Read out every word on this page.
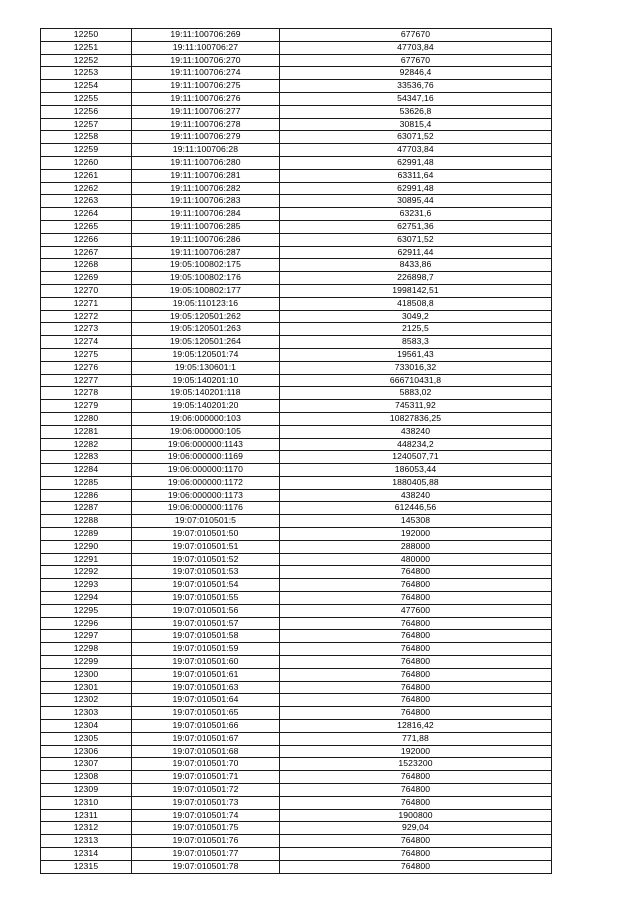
12250	19:11:100706:269	677670
12251	19:11:100706:27	47703,84
12252	19:11:100706:270	677670
12253	19:11:100706:274	92846,4
12254	19:11:100706:275	33536,76
12255	19:11:100706:276	54347,16
12256	19:11:100706:277	53626,8
12257	19:11:100706:278	30815,4
12258	19:11:100706:279	63071,52
12259	19:11:100706:28	47703,84
12260	19:11:100706:280	62991,48
12261	19:11:100706:281	63311,64
12262	19:11:100706:282	62991,48
12263	19:11:100706:283	30895,44
12264	19:11:100706:284	63231,6
12265	19:11:100706:285	62751,36
12266	19:11:100706:286	63071,52
12267	19:11:100706:287	62911,44
12268	19:05:100802:175	8433,86
12269	19:05:100802:176	226898,7
12270	19:05:100802:177	1998142,51
12271	19:05:110123:16	418508,8
12272	19:05:120501:262	3049,2
12273	19:05:120501:263	2125,5
12274	19:05:120501:264	8583,3
12275	19:05:120501:74	19561,43
12276	19:05:130601:1	733016,32
12277	19:05:140201:10	666710431,8
12278	19:05:140201:118	5883,02
12279	19:05:140201:20	745311,92
12280	19:06:000000:103	10827836,25
12281	19:06:000000:105	438240
12282	19:06:000000:1143	448234,2
12283	19:06:000000:1169	1240507,71
12284	19:06:000000:1170	186053,44
12285	19:06:000000:1172	1880405,88
12286	19:06:000000:1173	438240
12287	19:06:000000:1176	612446,56
12288	19:07:010501:5	145308
12289	19:07:010501:50	192000
12290	19:07:010501:51	288000
12291	19:07:010501:52	480000
12292	19:07:010501:53	764800
12293	19:07:010501:54	764800
12294	19:07:010501:55	764800
12295	19:07:010501:56	477600
12296	19:07:010501:57	764800
12297	19:07:010501:58	764800
12298	19:07:010501:59	764800
12299	19:07:010501:60	764800
12300	19:07:010501:61	764800
12301	19:07:010501:63	764800
12302	19:07:010501:64	764800
12303	19:07:010501:65	764800
12304	19:07:010501:66	12816,42
12305	19:07:010501:67	771,88
12306	19:07:010501:68	192000
12307	19:07:010501:70	1523200
12308	19:07:010501:71	764800
12309	19:07:010501:72	764800
12310	19:07:010501:73	764800
12311	19:07:010501:74	1900800
12312	19:07:010501:75	929,04
12313	19:07:010501:76	764800
12314	19:07:010501:77	764800
12315	19:07:010501:78	764800
